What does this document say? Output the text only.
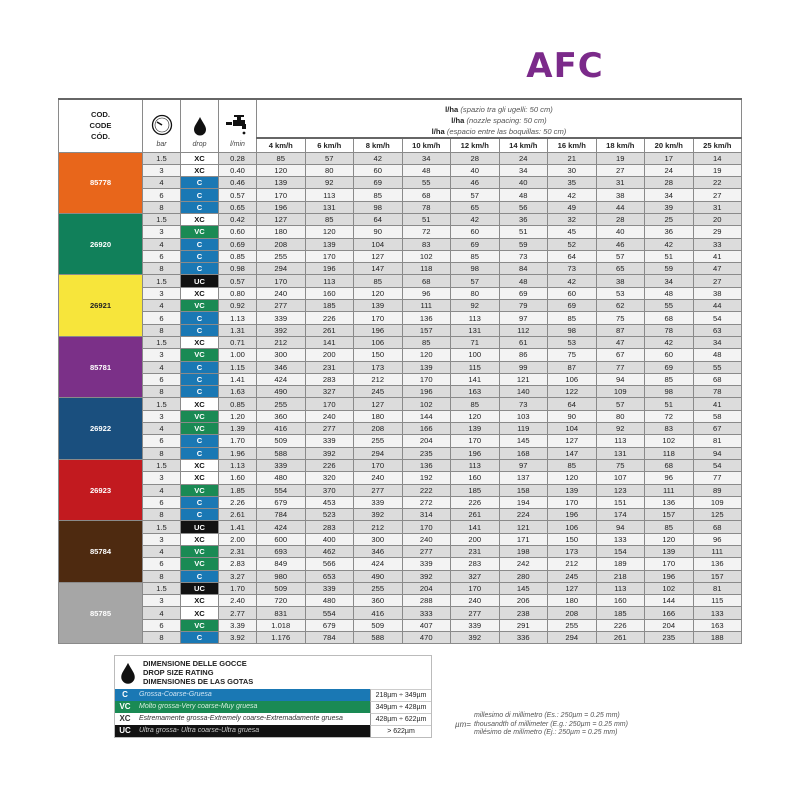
AFC
COD.
CODE
CÓD.

bar	drop	l/min

l/ha (spazio tra gli ugelli: 50 cm)
l/ha (nozzle spacing: 50 cm)
l/ha (espacio entre las boquillas: 50 cm)

				4 km/h	6 km/h	8 km/h	10 km/h	12 km/h	14 km/h	16 km/h	18 km/h	20 km/h	25 km/h
85778	1.5	XC	0.28	85	57	42	34	28	24	21	19	17	14
	3	XC	0.40	120	80	60	48	40	34	30	27	24	19
	4	C	0.46	139	92	69	55	46	40	35	31	28	22
	6	C	0.57	170	113	85	68	57	48	42	38	34	27
	8	C	0.65	196	131	98	78	65	56	49	44	39	31
26920	1.5	XC	0.42	127	85	64	51	42	36	32	28	25	20
	3	VC	0.60	180	120	90	72	60	51	45	40	36	29
	4	C	0.69	208	139	104	83	69	59	52	46	42	33
	6	C	0.85	255	170	127	102	85	73	64	57	51	41
	8	C	0.98	294	196	147	118	98	84	73	65	59	47
26921	1.5	UC	0.57	170	113	85	68	57	48	42	38	34	27
	3	XC	0.80	240	160	120	96	80	69	60	53	48	38
	4	VC	0.92	277	185	139	111	92	79	69	62	55	44
	6	C	1.13	339	226	170	136	113	97	85	75	68	54
	8	C	1.31	392	261	196	157	131	112	98	87	78	63
85781	1.5	XC	0.71	212	141	106	85	71	61	53	47	42	34
	3	VC	1.00	300	200	150	120	100	86	75	67	60	48
	4	C	1.15	346	231	173	139	115	99	87	77	69	55
	6	C	1.41	424	283	212	170	141	121	106	94	85	68
	8	C	1.63	490	327	245	196	163	140	122	109	98	78
26922	1.5	XC	0.85	255	170	127	102	85	73	64	57	51	41
	3	VC	1.20	360	240	180	144	120	103	90	80	72	58
	4	VC	1.39	416	277	208	166	139	119	104	92	83	67
	6	C	1.70	509	339	255	204	170	145	127	113	102	81
	8	C	1.96	588	392	294	235	196	168	147	131	118	94
26923	1.5	XC	1.13	339	226	170	136	113	97	85	75	68	54
	3	XC	1.60	480	320	240	192	160	137	120	107	96	77
	4	VC	1.85	554	370	277	222	185	158	139	123	111	89
	6	C	2.26	679	453	339	272	226	194	170	151	136	109
	8	C	2.61	784	523	392	314	261	224	196	174	157	125
85784	1.5	UC	1.41	424	283	212	170	141	121	106	94	85	68
	3	XC	2.00	600	400	300	240	200	171	150	133	120	96
	4	VC	2.31	693	462	346	277	231	198	173	154	139	111
	6	VC	2.83	849	566	424	339	283	242	212	189	170	136
	8	C	3.27	980	653	490	392	327	280	245	218	196	157
85785	1.5	UC	1.70	509	339	255	204	170	145	127	113	102	81
	3	XC	2.40	720	480	360	288	240	206	180	160	144	115
	4	XC	2.77	831	554	416	333	277	238	208	185	166	133
	6	VC	3.39	1.018	679	509	407	339	291	255	226	204	163
	8	C	3.92	1.176	784	588	470	392	336	294	261	235	188
DIMENSIONE DELLE GOCCE
DROP SIZE RATING
DIMENSIONES DE LAS GOTAS
C	Grossa-Coarse-Gruesa	218µm ÷ 349µm
VC	Molto grossa-Very coarse-Muy gruesa	349µm ÷ 428µm
XC	Estremamente grossa-Extremely coarse-Extremadamente gruesa	428µm ÷ 622µm
UC	Ultra grossa- Ultra coarse-Ultra gruesa	> 622µm
µm=
millesimo di millimetro (Es.: 250µm = 0.25 mm)
thousandth of millimeter (E.g.: 250µm = 0.25 mm)
milésimo de milímetro (Ej.: 250µm = 0.25 mm)
